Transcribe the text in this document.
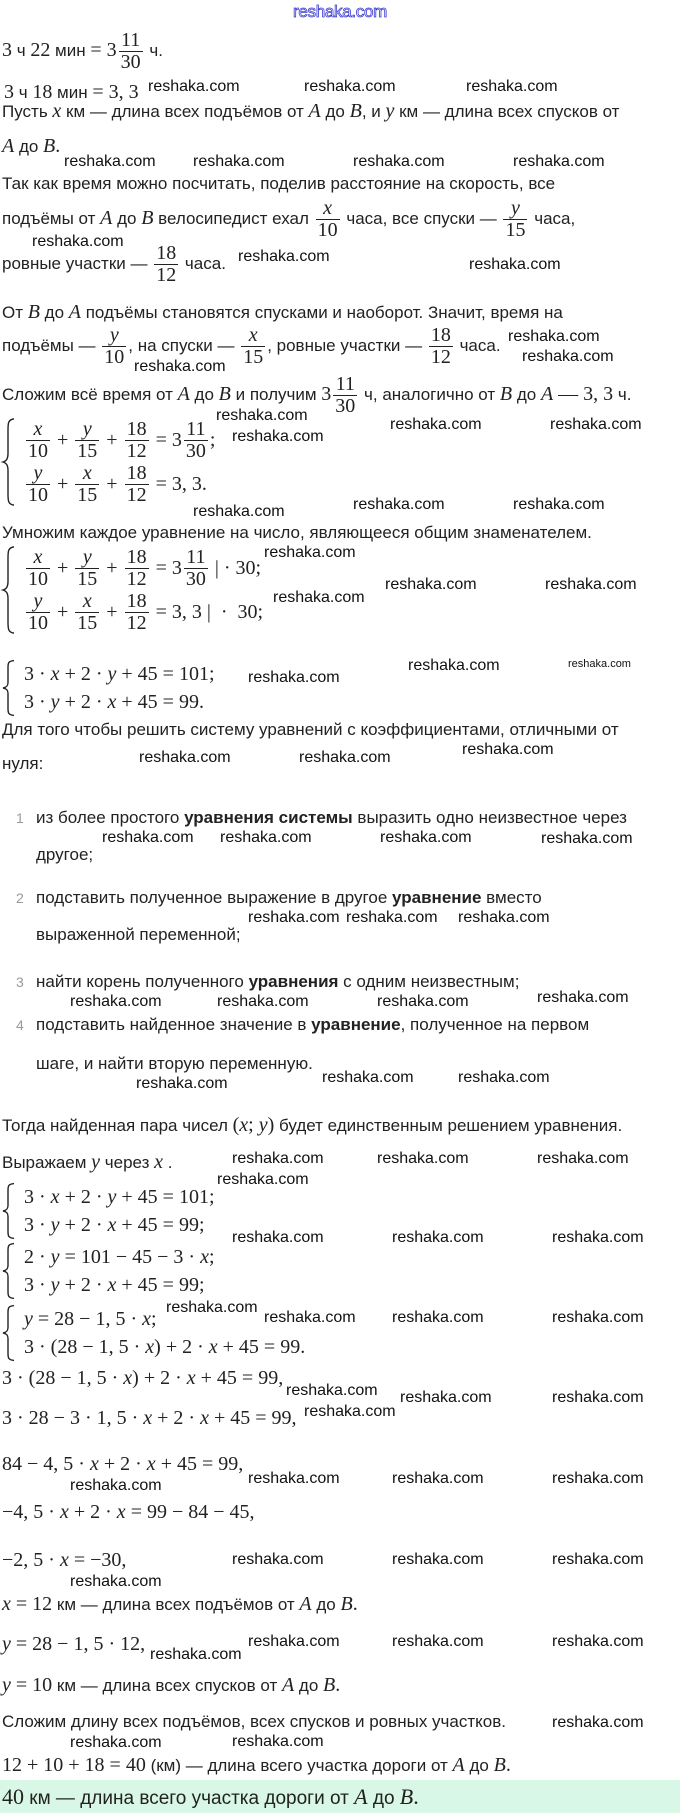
reshaka.com
3 ч 22 мин = $3 \frac{11}{30} ч$.
3 ч 18 мин = 3, 3
Пусть x км — длина всех подъёмов от A до B, и y км — длина всех спусков от
A до B.
Так как время можно посчитать, поделив расстояние на скорость, все
подъёмы от A до B велосипедист ехал $\frac{x}{10}$ часа, все спуски — $\frac{y}{15}$ часа,
ровные участки — $\frac{18}{12}$ часа.
От B до A подъёмы становятся спусками и наоборот. Значит, время на
подъёмы — $\frac{y}{10}$ , на спуски — $\frac{x}{15}$ , ровные участки — $\frac{18}{12}$ часа.
Сложим всё время от A до B и получим $3 \frac{11}{30} ч$, аналогично от B до A — 3, 3 ч.
$\frac{x}{10} + \frac{y}{15} + \frac{18}{12} = 3 \frac{11}{30}$ ;
$\frac{y}{10} + \frac{x}{15} + \frac{18}{12} = 3$, 3.
Умножим каждое уравнение на число, являющееся общим знаменателем.
$\frac{x}{10} + \frac{y}{15} + \frac{18}{12} = 3 \frac{11}{30}$ | · 30;
$\frac{y}{10} + \frac{x}{15} + \frac{18}{12} = 3$, 3 |  ·  30;
3 · x + 2 · y + 45 = 101;
3 · y + 2 · x + 45 = 99.
Для того чтобы решить систему уравнений с коэффициентами, отличными от
нуля:
1 из более простого уравнения системы выразить одно неизвестное через
другое;
2 подставить полученное выражение в другое уравнение вместо
выраженной переменной;
3 найти корень полученного уравнения с одним неизвестным;
4 подставить найденное значение в уравнение, полученное на первом
шаге, и найти вторую переменную.
Тогда найденная пара чисел (x; y) будет единственным решением уравнения.
Выражаем y через x .
3 · x + 2 · y + 45 = 101;
3 · y + 2 · x + 45 = 99;
2 · y = 101 − 45 − 3 · x ;
3 · y + 2 · x + 45 = 99;
y = 28 − 1, 5 · x ;
3 · (28 − 1, 5 · x ) + 2 · x + 45 = 99.
3 · (28 − 1, 5 · x) + 2 · x + 45 = 99,
3 · 28 − 3 · 1, 5 · x + 2 · x + 45 = 99,
84 − 4, 5 · x + 2 · x + 45 = 99,
−4, 5 · x + 2 · x = 99 − 84 − 45,
−2, 5 · x = −30,
x = 12 км — длина всех подъёмов от A до B.
y = 28 − 1, 5 · 12,
y = 10 км — длина всех спусков от A до B.
Сложим длину всех подъёмов, всех спусков и ровных участков.
12 + 10 + 18 = 40 (км) — длина всего участка дороги от A до B.
40 км — длина всего участка дороги от A до B.
reshaka.com	reshaka.com	reshaka.com
reshaka.com reshaka.com	reshaka.com	reshaka.com
reshaka.com
reshaka.com	reshaka.com
reshaka.com
reshaka.com
reshaka.com
reshaka.com
reshaka.com
reshaka.com	reshaka.com
reshaka.com	reshaka.com	reshaka.com
reshaka.com
reshaka.com
reshaka.com	reshaka.com
reshaka.com
reshaka.com
reshaka.com
reshaka.com	reshaka.com
reshaka.com reshaka.com	reshaka.com	reshaka.com
reshaka.com reshaka.com reshaka.com
reshaka.com	reshaka.com	reshaka.com	reshaka.com
reshaka.com	reshaka.com	reshaka.com
reshaka.com	reshaka.com	reshaka.com
reshaka.com
reshaka.com	reshaka.com	reshaka.com
reshaka.com
reshaka.com reshaka.com	reshaka.com
reshaka.com
reshaka.com
reshaka.com	reshaka.com
reshaka.com	reshaka.com	reshaka.com	reshaka.com
reshaka.com
reshaka.com	reshaka.com	reshaka.com
reshaka.com
reshaka.com	reshaka.com	reshaka.com
reshaka.com	reshaka.com
reshaka.com
reshaka.com
